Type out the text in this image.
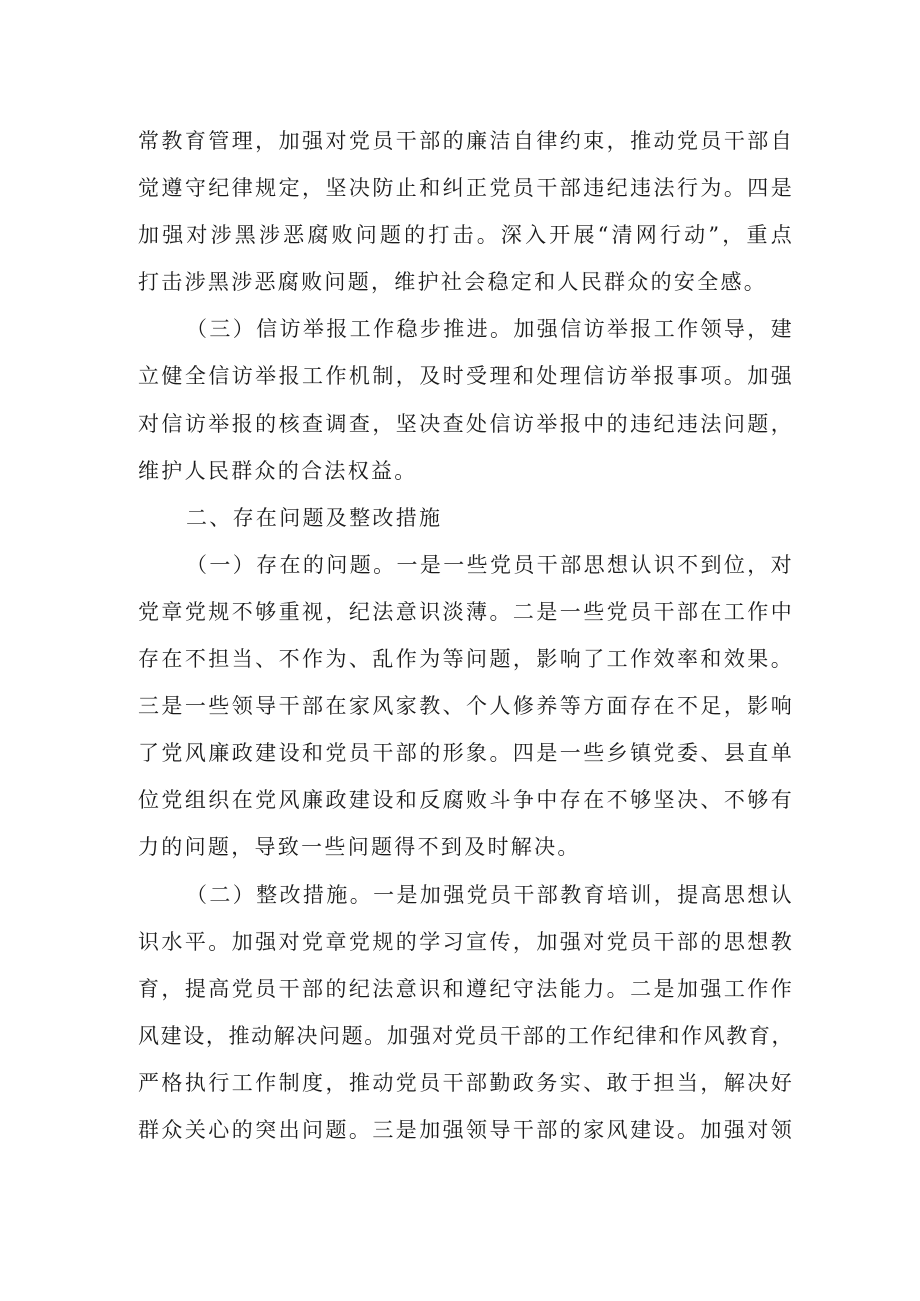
常教育管理，加强对党员干部的廉洁自律约束，推动党员干部自
觉遵守纪律规定，坚决防止和纠正党员干部违纪违法行为。四是
加强对涉黑涉恶腐败问题的打击。深入开展“清网行动”，重点
打击涉黑涉恶腐败问题，维护社会稳定和人民群众的安全感。
（三）信访举报工作稳步推进。加强信访举报工作领导，建
立健全信访举报工作机制，及时受理和处理信访举报事项。加强
对信访举报的核查调查，坚决查处信访举报中的违纪违法问题，
维护人民群众的合法权益。
二、存在问题及整改措施
（一）存在的问题。一是一些党员干部思想认识不到位，对
党章党规不够重视，纪法意识淡薄。二是一些党员干部在工作中
存在不担当、不作为、乱作为等问题，影响了工作效率和效果。
三是一些领导干部在家风家教、个人修养等方面存在不足，影响
了党风廉政建设和党员干部的形象。四是一些乡镇党委、县直单
位党组织在党风廉政建设和反腐败斗争中存在不够坚决、不够有
力的问题，导致一些问题得不到及时解决。
（二）整改措施。一是加强党员干部教育培训，提高思想认
识水平。加强对党章党规的学习宣传，加强对党员干部的思想教
育，提高党员干部的纪法意识和遵纪守法能力。二是加强工作作
风建设，推动解决问题。加强对党员干部的工作纪律和作风教育，
严格执行工作制度，推动党员干部勤政务实、敢于担当，解决好
群众关心的突出问题。三是加强领导干部的家风建设。加强对领
